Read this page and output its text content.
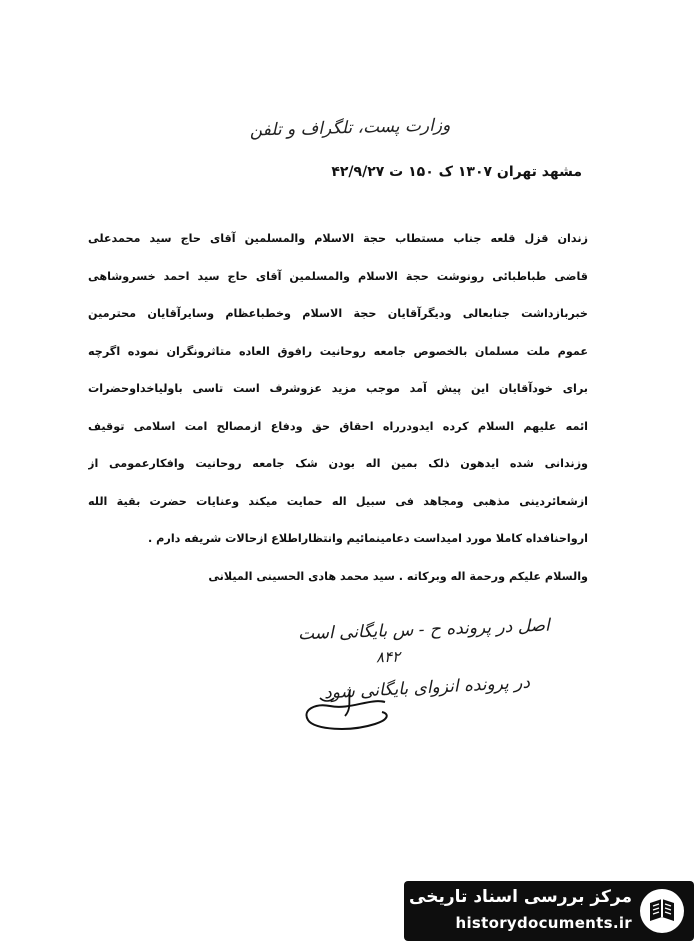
وزارت پست، تلگراف و تلفن
مشهد تهران ۱۳۰۷ ک ۱۵۰ ت ۴۲/۹/۲۷
زندان قزل قلعه جناب مستطاب حجة الاسلام والمسلمین آقای حاج سید محمدعلی
قاضی طباطبائی رونوشت حجة الاسلام والمسلمین آقای حاج سید احمد خسروشاهی
خبربازداشت جنابعالی ودیگرآقایان حجة الاسلام وخطباعظام وسایرآقایان محترمین
عموم ملت مسلمان بالخصوص جامعه روحانیت رافوق العاده متاثرونگران نموده اگرچه
برای خودآقایان این پیش آمد موجب مزید عزوشرف است تاسی باولیاخداوحضرات
ائمه علیهم السلام کرده ایدودرراه احقاق حق ودفاع ازمصالح امت اسلامی توقیف
وزندانی شده ایدهون ذلک بمین اله بودن شک جامعه روحانیت وافکارعمومی از
ازشعائردینی مذهبی ومجاهد فی سبیل اله حمایت میکند وعنایات حضرت بقیة الله
ارواحنافداه کاملا مورد امیداست دعامینمائیم وانتظاراطلاع ازحالات شریفه دارم .
والسلام علیکم ورحمة اله وبرکاته . سید محمد هادی الحسینی المیلانی
اصل در پرونده ح - س بایگانی است
۸۴۲
در پرونده انزوای بایگانی شود
مرکز بررسی اسناد تاریخی
historydocuments.ir
